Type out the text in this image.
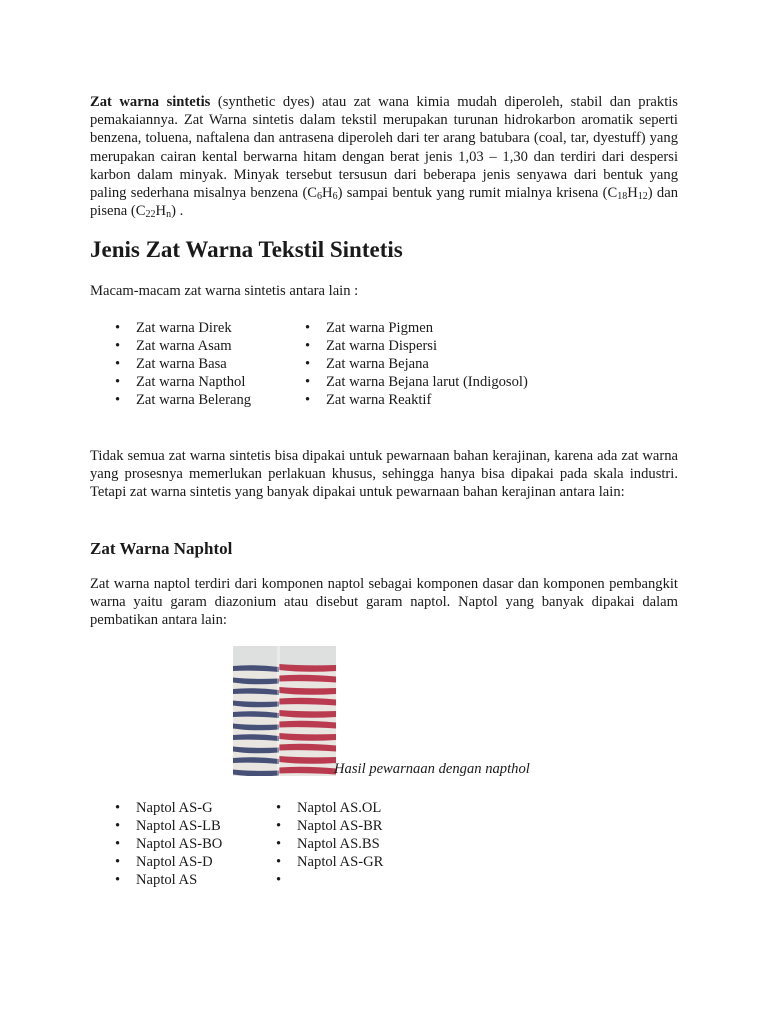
Zat warna sintetis (synthetic dyes) atau zat wana kimia mudah diperoleh, stabil dan praktis pemakaiannya. Zat Warna sintetis dalam tekstil merupakan turunan hidrokarbon aromatik seperti benzena, toluena, naftalena dan antrasena diperoleh dari ter arang batubara (coal, tar, dyestuff) yang merupakan cairan kental berwarna hitam dengan berat jenis 1,03 – 1,30 dan terdiri dari despersi karbon dalam minyak. Minyak tersebut tersusun dari beberapa jenis senyawa dari bentuk yang paling sederhana misalnya benzena $(C_6H_6)$ sampai bentuk yang rumit mialnya krisena $(C_{18}H_{12})$ dan pisena $(C_{22}H_n)$ .

Jenis Zat Warna Tekstil Sintetis

Macam-macam zat warna sintetis antara lain :

• Zat warna Direk
• Zat warna Asam
• Zat warna Basa
• Zat warna Napthol
• Zat warna Belerang
• Zat warna Pigmen
• Zat warna Dispersi
• Zat warna Bejana
• Zat warna Bejana larut (Indigosol)
• Zat warna Reaktif

Tidak semua zat warna sintetis bisa dipakai untuk pewarnaan bahan kerajinan, karena ada zat warna yang prosesnya memerlukan perlakuan khusus, sehingga hanya bisa dipakai pada skala industri. Tetapi zat warna sintetis yang banyak dipakai untuk pewarnaan bahan kerajinan antara lain:

Zat Warna Naphtol

Zat warna naptol terdiri dari komponen naptol sebagai komponen dasar dan komponen pembangkit warna yaitu garam diazonium atau disebut garam naptol. Naptol yang banyak dipakai dalam pembatikan antara lain:

Hasil pewarnaan dengan napthol
• Naptol AS-G
• Naptol AS-LB
• Naptol AS-BO
• Naptol AS-D
• Naptol AS
• Naptol AS.OL
• Naptol AS-BR
• Naptol AS.BS
• Naptol AS-GR
•
